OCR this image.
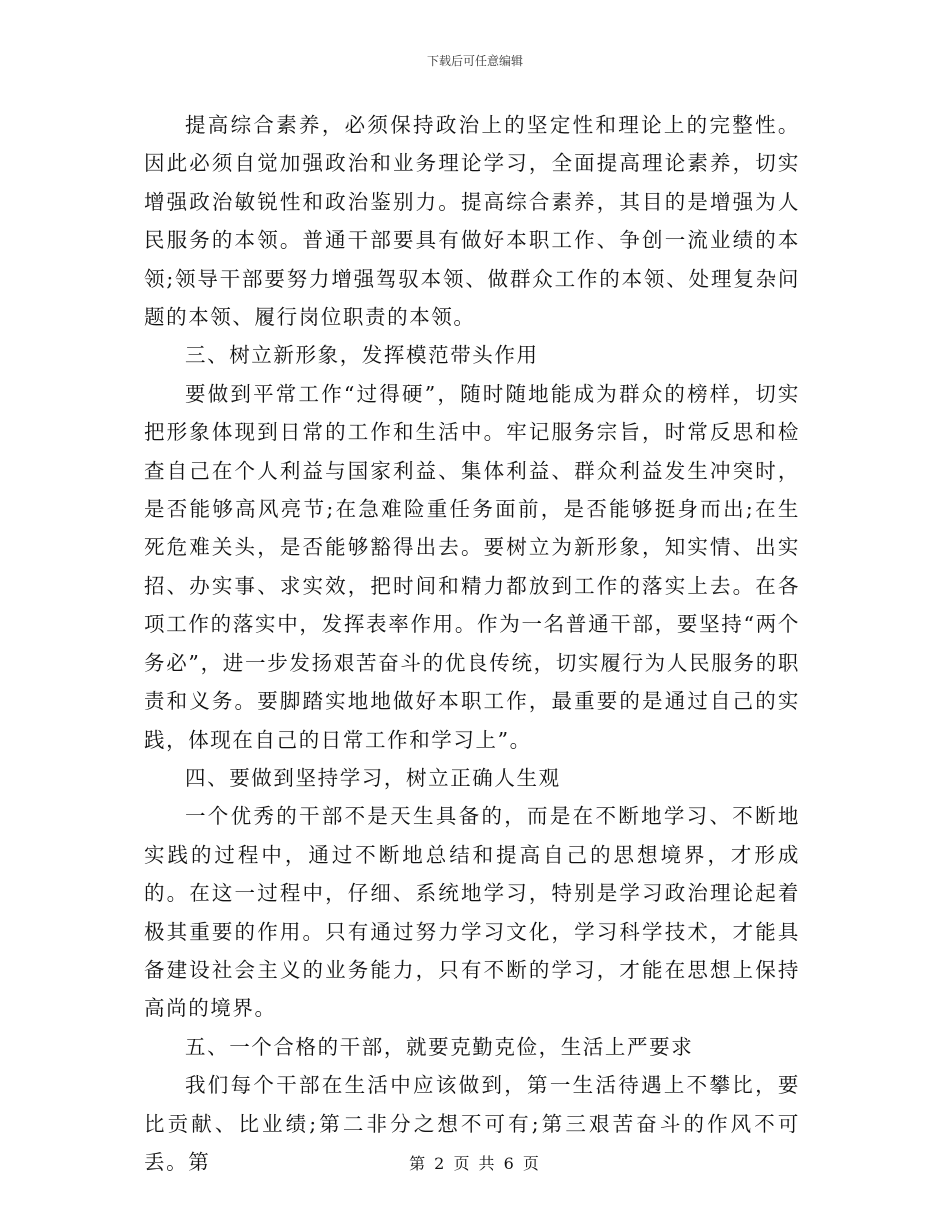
下载后可任意编辑

提高综合素养，必须保持政治上的坚定性和理论上的完整性。因此必须自觉加强政治和业务理论学习，全面提高理论素养，切实增强政治敏锐性和政治鉴别力。提高综合素养，其目的是增强为人民服务的本领。普通干部要具有做好本职工作、争创一流业绩的本领;领导干部要努力增强驾驭本领、做群众工作的本领、处理复杂问题的本领、履行岗位职责的本领。

三、树立新形象，发挥模范带头作用

要做到平常工作“过得硬”，随时随地能成为群众的榜样，切实把形象体现到日常的工作和生活中。牢记服务宗旨，时常反思和检查自己在个人利益与国家利益、集体利益、群众利益发生冲突时，是否能够高风亮节;在急难险重任务面前，是否能够挺身而出;在生死危难关头，是否能够豁得出去。要树立为新形象，知实情、出实招、办实事、求实效，把时间和精力都放到工作的落实上去。在各项工作的落实中，发挥表率作用。作为一名普通干部，要坚持“两个务必”，进一步发扬艰苦奋斗的优良传统，切实履行为人民服务的职责和义务。要脚踏实地地做好本职工作，最重要的是通过自己的实践，体现在自己的日常工作和学习上”。

四、要做到坚持学习，树立正确人生观

一个优秀的干部不是天生具备的，而是在不断地学习、不断地实践的过程中，通过不断地总结和提高自己的思想境界，才形成的。在这一过程中，仔细、系统地学习，特别是学习政治理论起着极其重要的作用。只有通过努力学习文化，学习科学技术，才能具备建设社会主义的业务能力，只有不断的学习，才能在思想上保持高尚的境界。

五、一个合格的干部，就要克勤克俭，生活上严要求

我们每个干部在生活中应该做到，第一生活待遇上不攀比，要比贡献、比业绩;第二非分之想不可有;第三艰苦奋斗的作风不可丢。第	第 2 页 共 6 页
